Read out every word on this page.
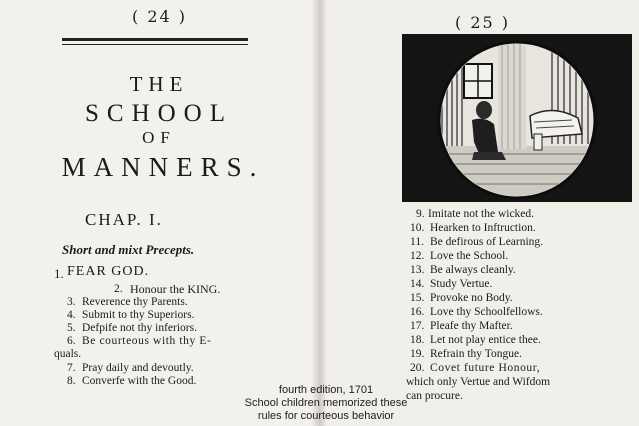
( 24 )
THE
SCHOOL
OF
MANNERS.
CHAP. I.
Short and mixt Precepts.
1. FEAR GOD.
2. Honour the KING.
3. Reverence thy Parents.
4. Submit to thy Superiors.
5. Defpife not thy inferiors.
6. Be courteous with thy E-
quals.
7. Pray daily and devoutly.
8. Converfe with the Good.
( 25 )
9. Imitate not the wicked.
10. Hearken to Inftruction.
11. Be defirous of Learning.
12. Love the School.
13. Be always cleanly.
14. Study Vertue.
15. Provoke no Body.
16. Love thy Schoolfellows.
17. Pleafe thy Mafter.
18. Let not play entice thee.
19. Refrain thy Tongue.
20. Covet future Honour,
which only Vertue and Wifdom
can procure.
fourth edition, 1701
School children memorized these
rules for courteous behavior
